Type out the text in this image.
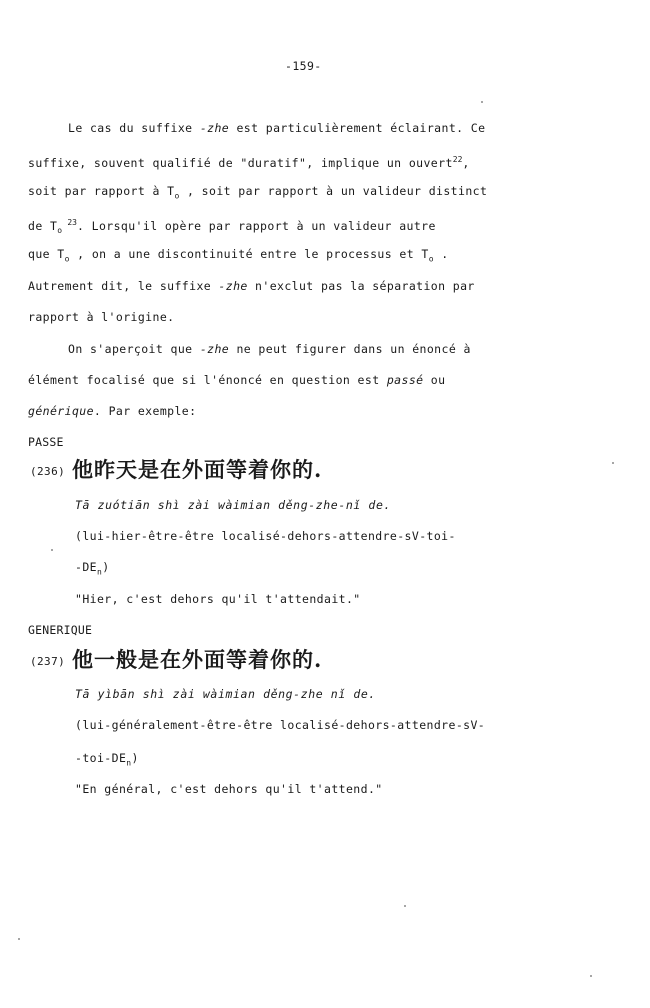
-159-
Le cas du suffixe -zhe est particulièrement éclairant. Ce
suffixe, souvent qualifié de "duratif", implique un ouvert$^{22}$,
soit par rapport à $T_o$ , soit par rapport à un valideur distinct
de $T_o$ $^{23}$. Lorsqu'il opère par rapport à un valideur autre
que $T_o$ , on a une discontinuité entre le processus et $T_o$ .
Autrement dit, le suffixe -zhe n'exclut pas la séparation par
rapport à l'origine.
On s'aperçoit que -zhe ne peut figurer dans un énoncé à
élément focalisé que si l'énoncé en question est passé ou
générique. Par exemple:
PASSE
(236) 他昨天是在外面等着你的.
Tā zuótiān shì zài wàimian děng-zhe-nǐ de.
(lui-hier-être-être localisé-dehors-attendre-sV-toi-
$-DE_n$)
"Hier, c'est dehors qu'il t'attendait."
GENERIQUE
(237) 他一般是在外面等着你的.
Tā yìbān shì zài wàimian děng-zhe nǐ de.
(lui-généralement-être-être localisé-dehors-attendre-sV-
$-toi-DE_n$)
"En général, c'est dehors qu'il t'attend."
